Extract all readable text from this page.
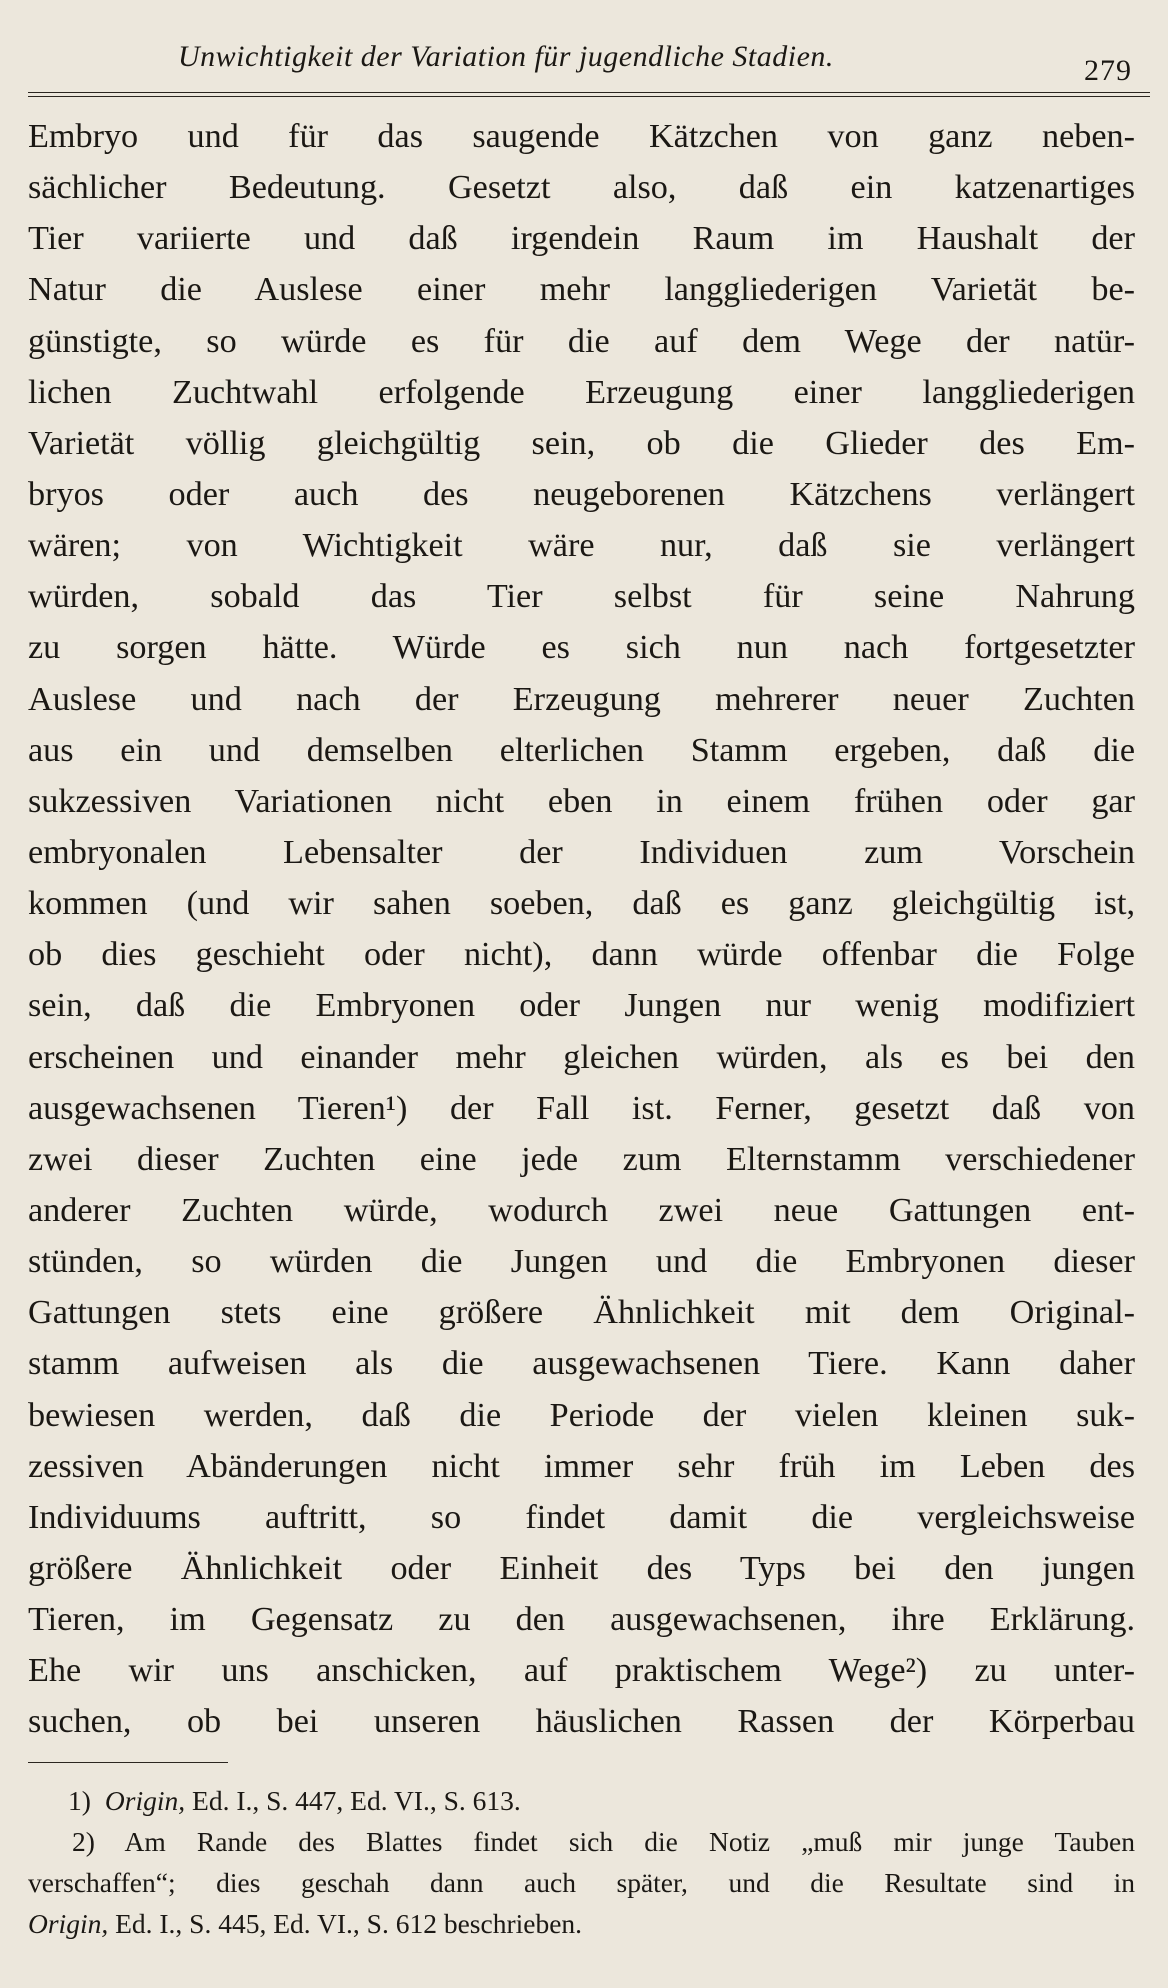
Unwichtigkeit der Variation für jugendliche Stadien.	279
Embryo und für das saugende Kätzchen von ganz neben-
sächlicher Bedeutung. Gesetzt also, daß ein katzenartiges
Tier variierte und daß irgendein Raum im Haushalt der
Natur die Auslese einer mehr langgliederigen Varietät be-
günstigte, so würde es für die auf dem Wege der natür-
lichen Zuchtwahl erfolgende Erzeugung einer langgliederigen
Varietät völlig gleichgültig sein, ob die Glieder des Em-
bryos oder auch des neugeborenen Kätzchens verlängert
wären; von Wichtigkeit wäre nur, daß sie verlängert
würden, sobald das Tier selbst für seine Nahrung
zu sorgen hätte. Würde es sich nun nach fortgesetzter
Auslese und nach der Erzeugung mehrerer neuer Zuchten
aus ein und demselben elterlichen Stamm ergeben, daß die
sukzessiven Variationen nicht eben in einem frühen oder gar
embryonalen Lebensalter der Individuen zum Vorschein
kommen (und wir sahen soeben, daß es ganz gleichgültig ist,
ob dies geschieht oder nicht), dann würde offenbar die Folge
sein, daß die Embryonen oder Jungen nur wenig modifiziert
erscheinen und einander mehr gleichen würden, als es bei den
ausgewachsenen Tieren¹) der Fall ist. Ferner, gesetzt daß von
zwei dieser Zuchten eine jede zum Elternstamm verschiedener
anderer Zuchten würde, wodurch zwei neue Gattungen ent-
stünden, so würden die Jungen und die Embryonen dieser
Gattungen stets eine größere Ähnlichkeit mit dem Original-
stamm aufweisen als die ausgewachsenen Tiere. Kann daher
bewiesen werden, daß die Periode der vielen kleinen suk-
zessiven Abänderungen nicht immer sehr früh im Leben des
Individuums auftritt, so findet damit die vergleichsweise
größere Ähnlichkeit oder Einheit des Typs bei den jungen
Tieren, im Gegensatz zu den ausgewachsenen, ihre Erklärung.
Ehe wir uns anschicken, auf praktischem Wege²) zu unter-
suchen, ob bei unseren häuslichen Rassen der Körperbau
1) Origin, Ed. I., S. 447, Ed. VI., S. 613.
2) Am Rande des Blattes findet sich die Notiz „muß mir junge Tauben
verschaffen“; dies geschah dann auch später, und die Resultate sind in
Origin, Ed. I., S. 445, Ed. VI., S. 612 beschrieben.
